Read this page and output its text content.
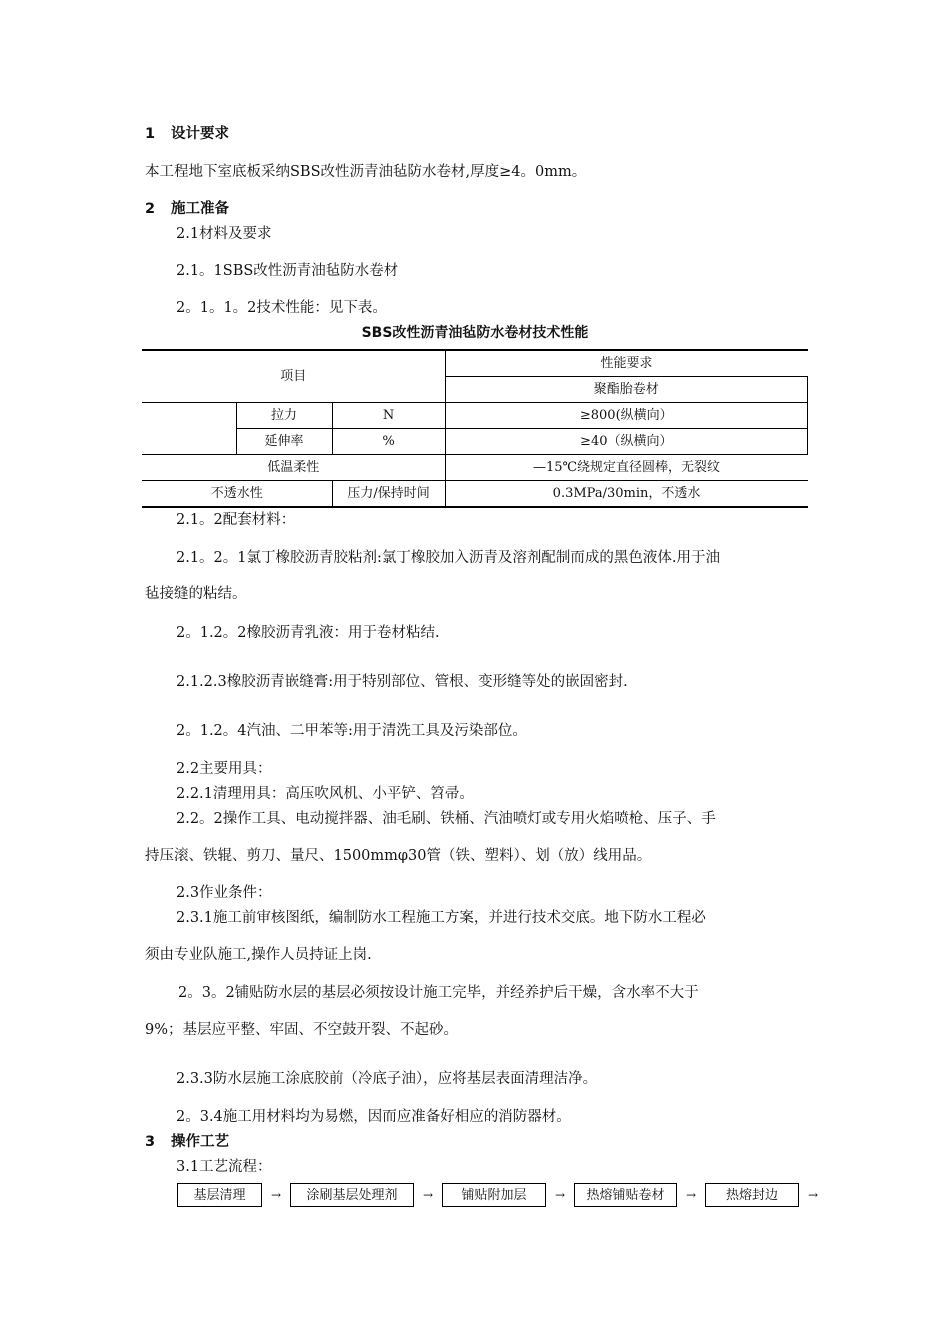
1 设计要求
本工程地下室底板采纳SBS改性沥青油毡防水卷材,厚度≥4。0mm。
2 施工准备
2.1材料及要求
2.1。1SBS改性沥青油毡防水卷材
2。1。1。2技术性能：见下表。
SBS改性沥青油毡防水卷材技术性能
项目			性能要求
			聚酯胎卷材
	拉力	N	≥800(纵横向）
	延伸率	%	≥40（纵横向）
低温柔性			—15℃绕规定直径圆棒，无裂纹
不透水性		压力/保持时间	0.3MPa/30min，不透水
2.1。2配套材料：
2.1。2。1氯丁橡胶沥青胶粘剂:氯丁橡胶加入沥青及溶剂配制而成的黑色液体.用于油
毡接缝的粘结。
2。1.2。2橡胶沥青乳液：用于卷材粘结.
2.1.2.3橡胶沥青嵌缝膏:用于特别部位、管根、变形缝等处的嵌固密封.
2。1.2。4汽油、二甲苯等:用于清洗工具及污染部位。
2.2主要用具：
2.2.1清理用具：高压吹风机、小平铲、笤帚。
2.2。2操作工具、电动搅拌器、油毛刷、铁桶、汽油喷灯或专用火焰喷枪、压子、手
持压滚、铁辊、剪刀、量尺、1500mmφ30管（铁、塑料）、划（放）线用品。
2.3作业条件：
2.3.1施工前审核图纸，编制防水工程施工方案，并进行技术交底。地下防水工程必
须由专业队施工,操作人员持证上岗.
2。3。2铺贴防水层的基层必须按设计施工完毕，并经养护后干燥，含水率不大于
9%；基层应平整、牢固、不空鼓开裂、不起砂。
2.3.3防水层施工涂底胶前（冷底子油），应将基层表面清理洁净。
2。3.4施工用材料均为易燃，因而应准备好相应的消防器材。
3 操作工艺
3.1工艺流程：
基层清理	→	涂刷基层处理剂	→	铺贴附加层	→	热熔铺贴卷材	→	热熔封边	→
